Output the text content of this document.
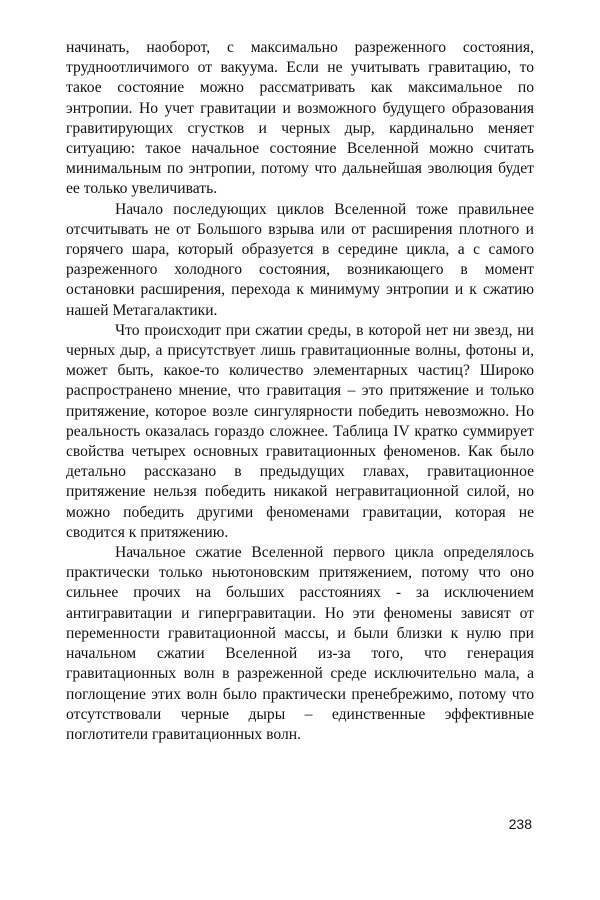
начинать, наоборот, с максимально разреженного состояния, трудноотличимого от вакуума. Если не учитывать гравитацию, то такое состояние можно рассматривать как максимальное по энтропии. Но учет гравитации и возможного будущего образования гравитирующих сгустков и черных дыр, кардинально меняет ситуацию: такое начальное состояние Вселенной можно считать минимальным по энтропии, потому что дальнейшая эволюция будет ее только увеличивать.

Начало последующих циклов Вселенной тоже правильнее отсчитывать не от Большого взрыва или от расширения плотного и горячего шара, который образуется в середине цикла, а с самого разреженного холодного состояния, возникающего в момент остановки расширения, перехода к минимуму энтропии и к сжатию нашей Метагалактики.

Что происходит при сжатии среды, в которой нет ни звезд, ни черных дыр, а присутствует лишь гравитационные волны, фотоны и, может быть, какое-то количество элементарных частиц? Широко распространено мнение, что гравитация – это притяжение и только притяжение, которое возле сингулярности победить невозможно. Но реальность оказалась гораздо сложнее. Таблица IV кратко суммирует свойства четырех основных гравитационных феноменов. Как было детально рассказано в предыдущих главах, гравитационное притяжение нельзя победить никакой негравитационной силой, но можно победить другими феноменами гравитации, которая не сводится к притяжению.

Начальное сжатие Вселенной первого цикла определялось практически только ньютоновским притяжением, потому что оно сильнее прочих на больших расстояниях - за исключением антигравитации и гипергравитации. Но эти феномены зависят от переменности гравитационной массы, и были близки к нулю при начальном сжатии Вселенной из-за того, что генерация гравитационных волн в разреженной среде исключительно мала, а поглощение этих волн было практически пренебрежимо, потому что отсутствовали черные дыры – единственные эффективные поглотители гравитационных волн.

238
